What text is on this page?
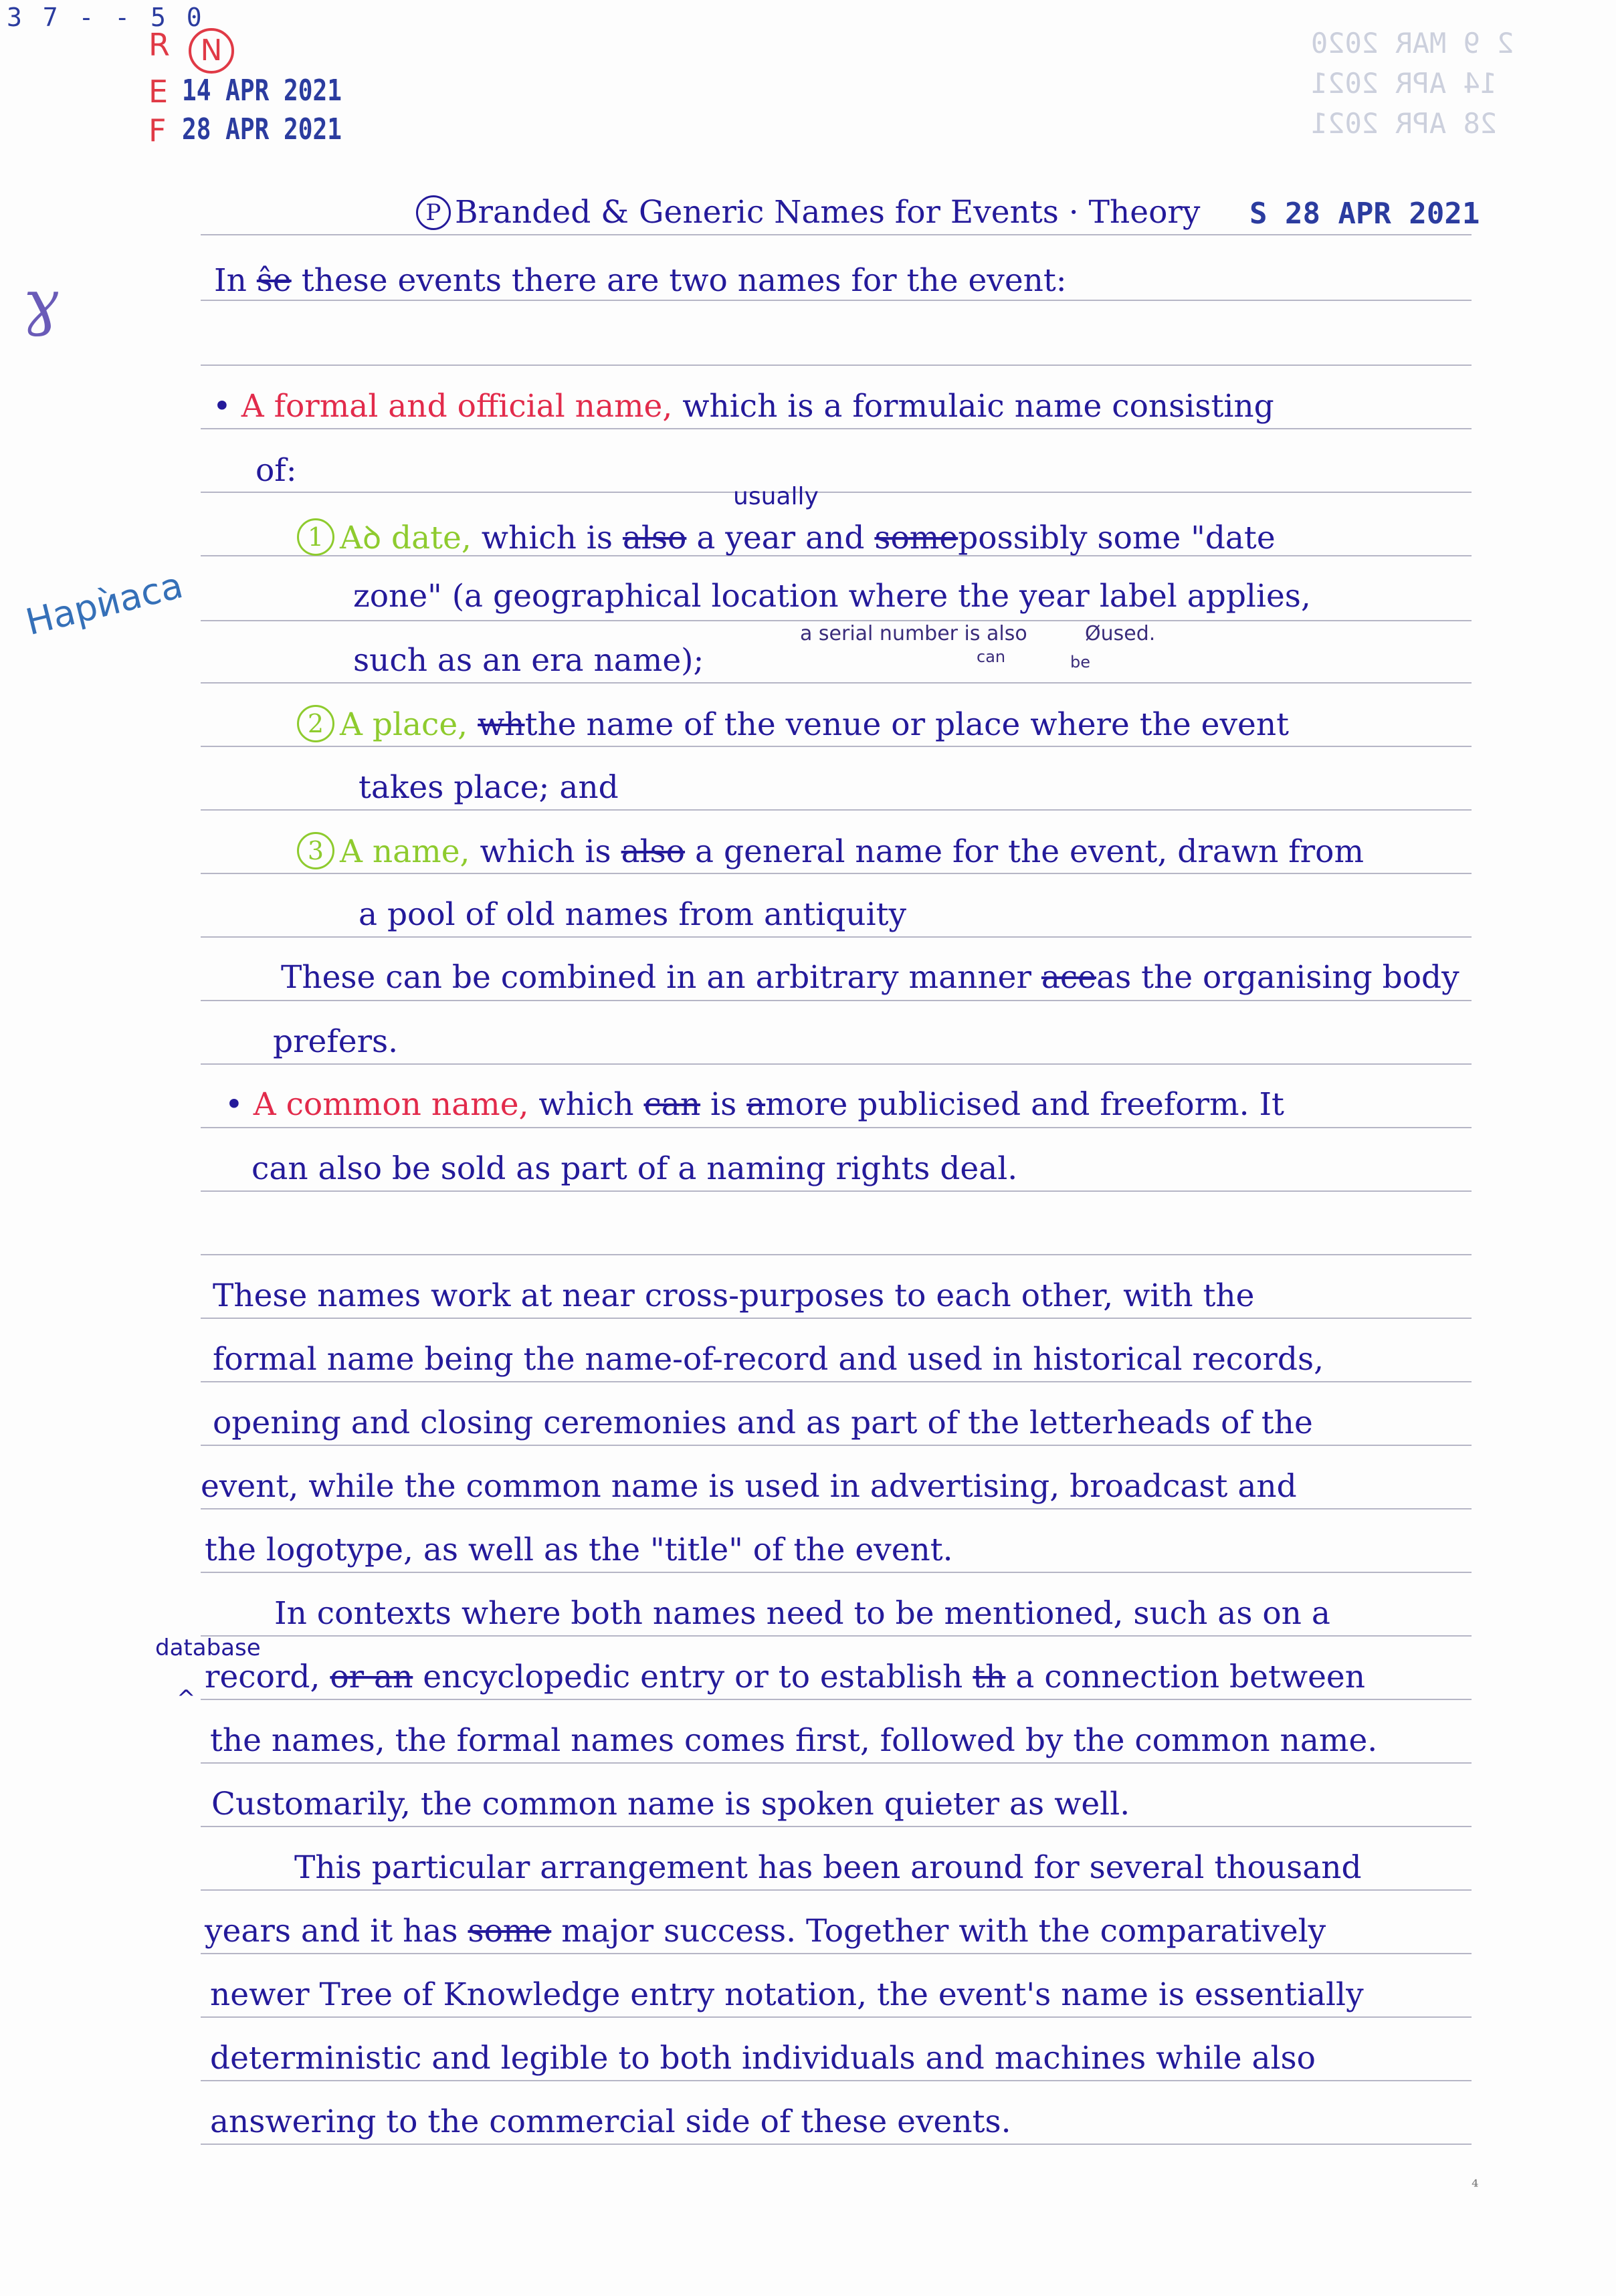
3 7 - - 5 0
R	N
E 14 APR 2021
F 28 APR 2021
2 9 MAR 2020
14 APR 2021
28 APR 2021
ɣ
Нарѝаса
P Branded & Generic Names for Events · Theory S 28 APR 2021
In ŝe these events there are two names for the event:
• A formal and official name, which is a formulaic name consisting
of:
usually
1 Aꝺ date, which is also a year and somepossibly some "date
zone" (a geographical location where the year label applies,
a serial number is also	Øused.
can	be
such as an era name);
2 A place, whthe name of the venue or place where the event
takes place; and
3 A name, which is also a general name for the event, drawn from
a pool of old names from antiquity
These can be combined in an arbitrary manner aceas the organising body
prefers.
• A common name, which can is amore publicised and freeform. It
can also be sold as part of a naming rights deal.
These names work at near cross-purposes to each other, with the
formal name being the name-of-record and used in historical records,
opening and closing ceremonies and as part of the letterheads of the
event, while the common name is used in advertising, broadcast and
the logotype, as well as the "title" of the event.
In contexts where both names need to be mentioned, such as on a
database
^
record, or an encyclopedic entry or to establish th a connection between
the names, the formal names comes first, followed by the common name.
Customarily, the common name is spoken quieter as well.
This particular arrangement has been around for several thousand
years and it has some major success. Together with the comparatively
newer Tree of Knowledge entry notation, the event's name is essentially
deterministic and legible to both individuals and machines while also
answering to the commercial side of these events.
⁴
